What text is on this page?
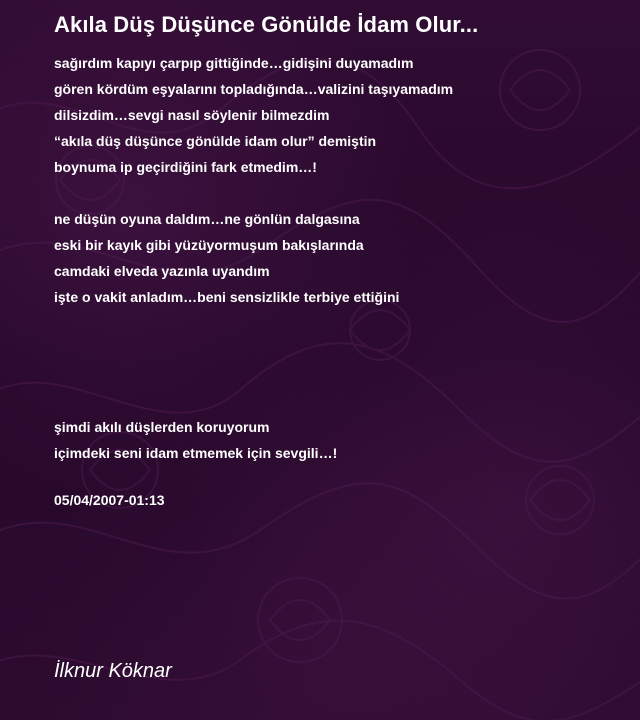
Akıla Düş Düşünce Gönülde İdam Olur...
sağırdım kapıyı çarpıp gittiğinde…gidişini duyamadım
gören kördüm eşyalarını topladığında…valizini taşıyamadım
dilsizdim…sevgi nasıl söylenir bilmezdim
“akıla düş düşünce gönülde idam olur” demiştin
boynuma ip geçirdiğini fark etmedim…!
ne düşün oyuna daldım…ne gönlün dalgasına
eski bir kayık gibi yüzüyormuşum bakışlarında
camdaki elveda yazınla uyandım
işte o vakit anladım…beni sensizlikle terbiye ettiğini
şimdi akılı düşlerden koruyorum
içimdeki seni idam etmemek için sevgili…!
05/04/2007-01:13
İlknur Köknar
